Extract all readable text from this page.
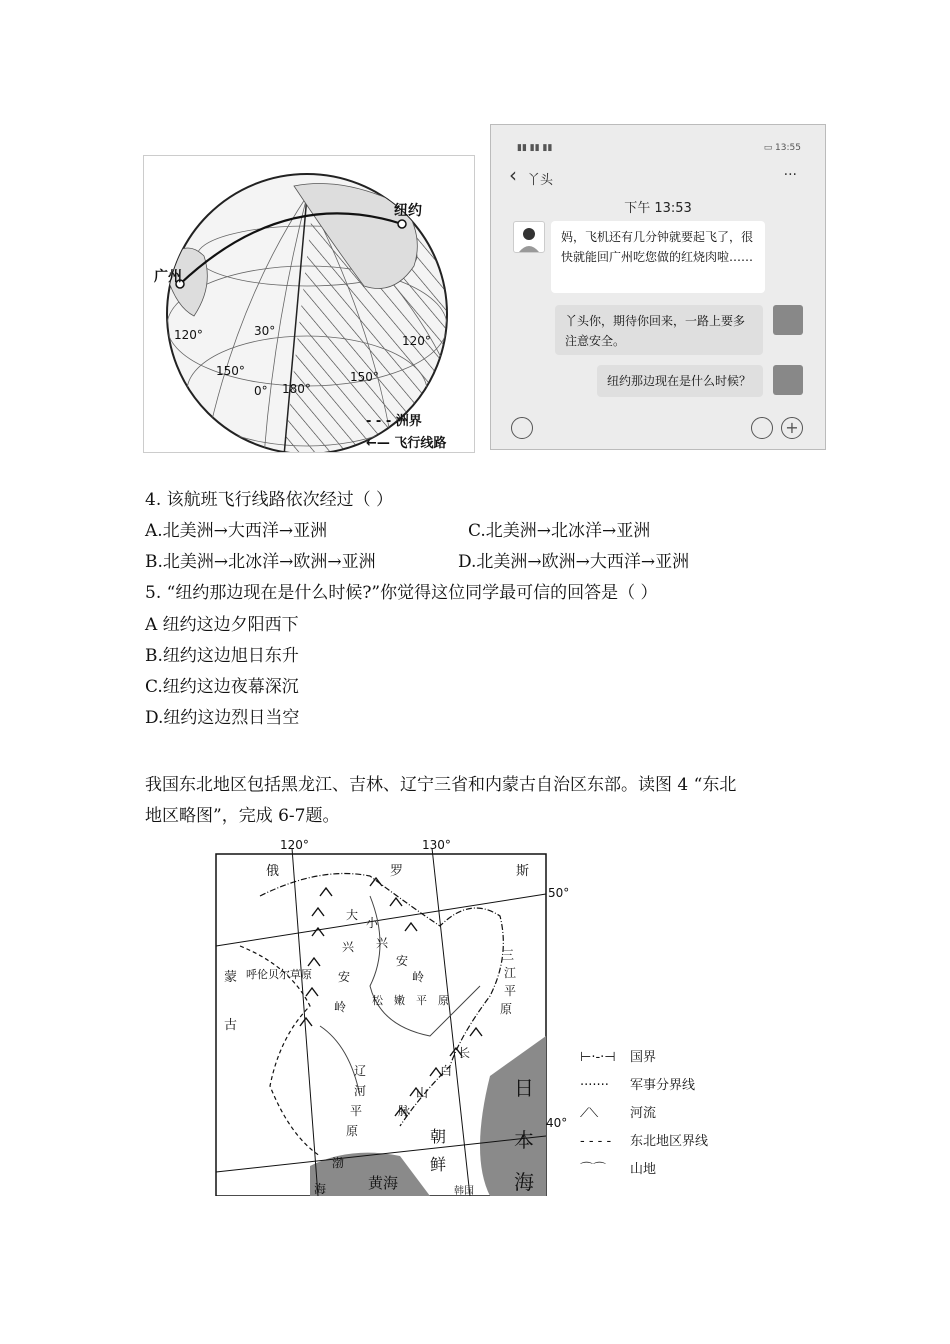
广州
纽约
30°
120°
150°
0° 180°
150°
120°
- - - 洲界
←— 飞行线路
▮▮ ▮▮ ▮▮	▭ 13:55
‹ 丫头	···
下午 13:53
妈，飞机还有几分钟就要起飞了，很快就能回广州吃您做的红烧肉啦……
丫头你，期待你回来，一路上要多注意安全。
纽约那边现在是什么时候？
+
4. 该航班飞行线路依次经过（ ）
A.北美洲→大西洋→亚洲	C.北美洲→北冰洋→亚洲
B.北美洲→北冰洋→欧洲→亚洲	D.北美洲→欧洲→大西洋→亚洲
5. “纽约那边现在是什么时候?”你觉得这位同学最可信的回答是（ ）
A 纽约这边夕阳西下
B.纽约这边旭日东升
C.纽约这边夜幕深沉
D.纽约这边烈日当空
我国东北地区包括黑龙江、吉林、辽宁三省和内蒙古自治区东部。读图 4 “东北
地区略图”，完成 6-7题。
120°	130°
50°
40°
俄	罗	斯
蒙
古
呼伦贝尔草原
大
兴
安
岭
小
兴
安
岭
三
江
平
原
松 嫩 平 原
辽
河
平
原
长
白
山
脉
朝
鲜
韩国
渤
海	黄海
日
本
海
⊢·-·⊣ 国界
······· 军事分界线
⟋⟍ 河流
- - - - 东北地区界线
⌒⌒ 山地
